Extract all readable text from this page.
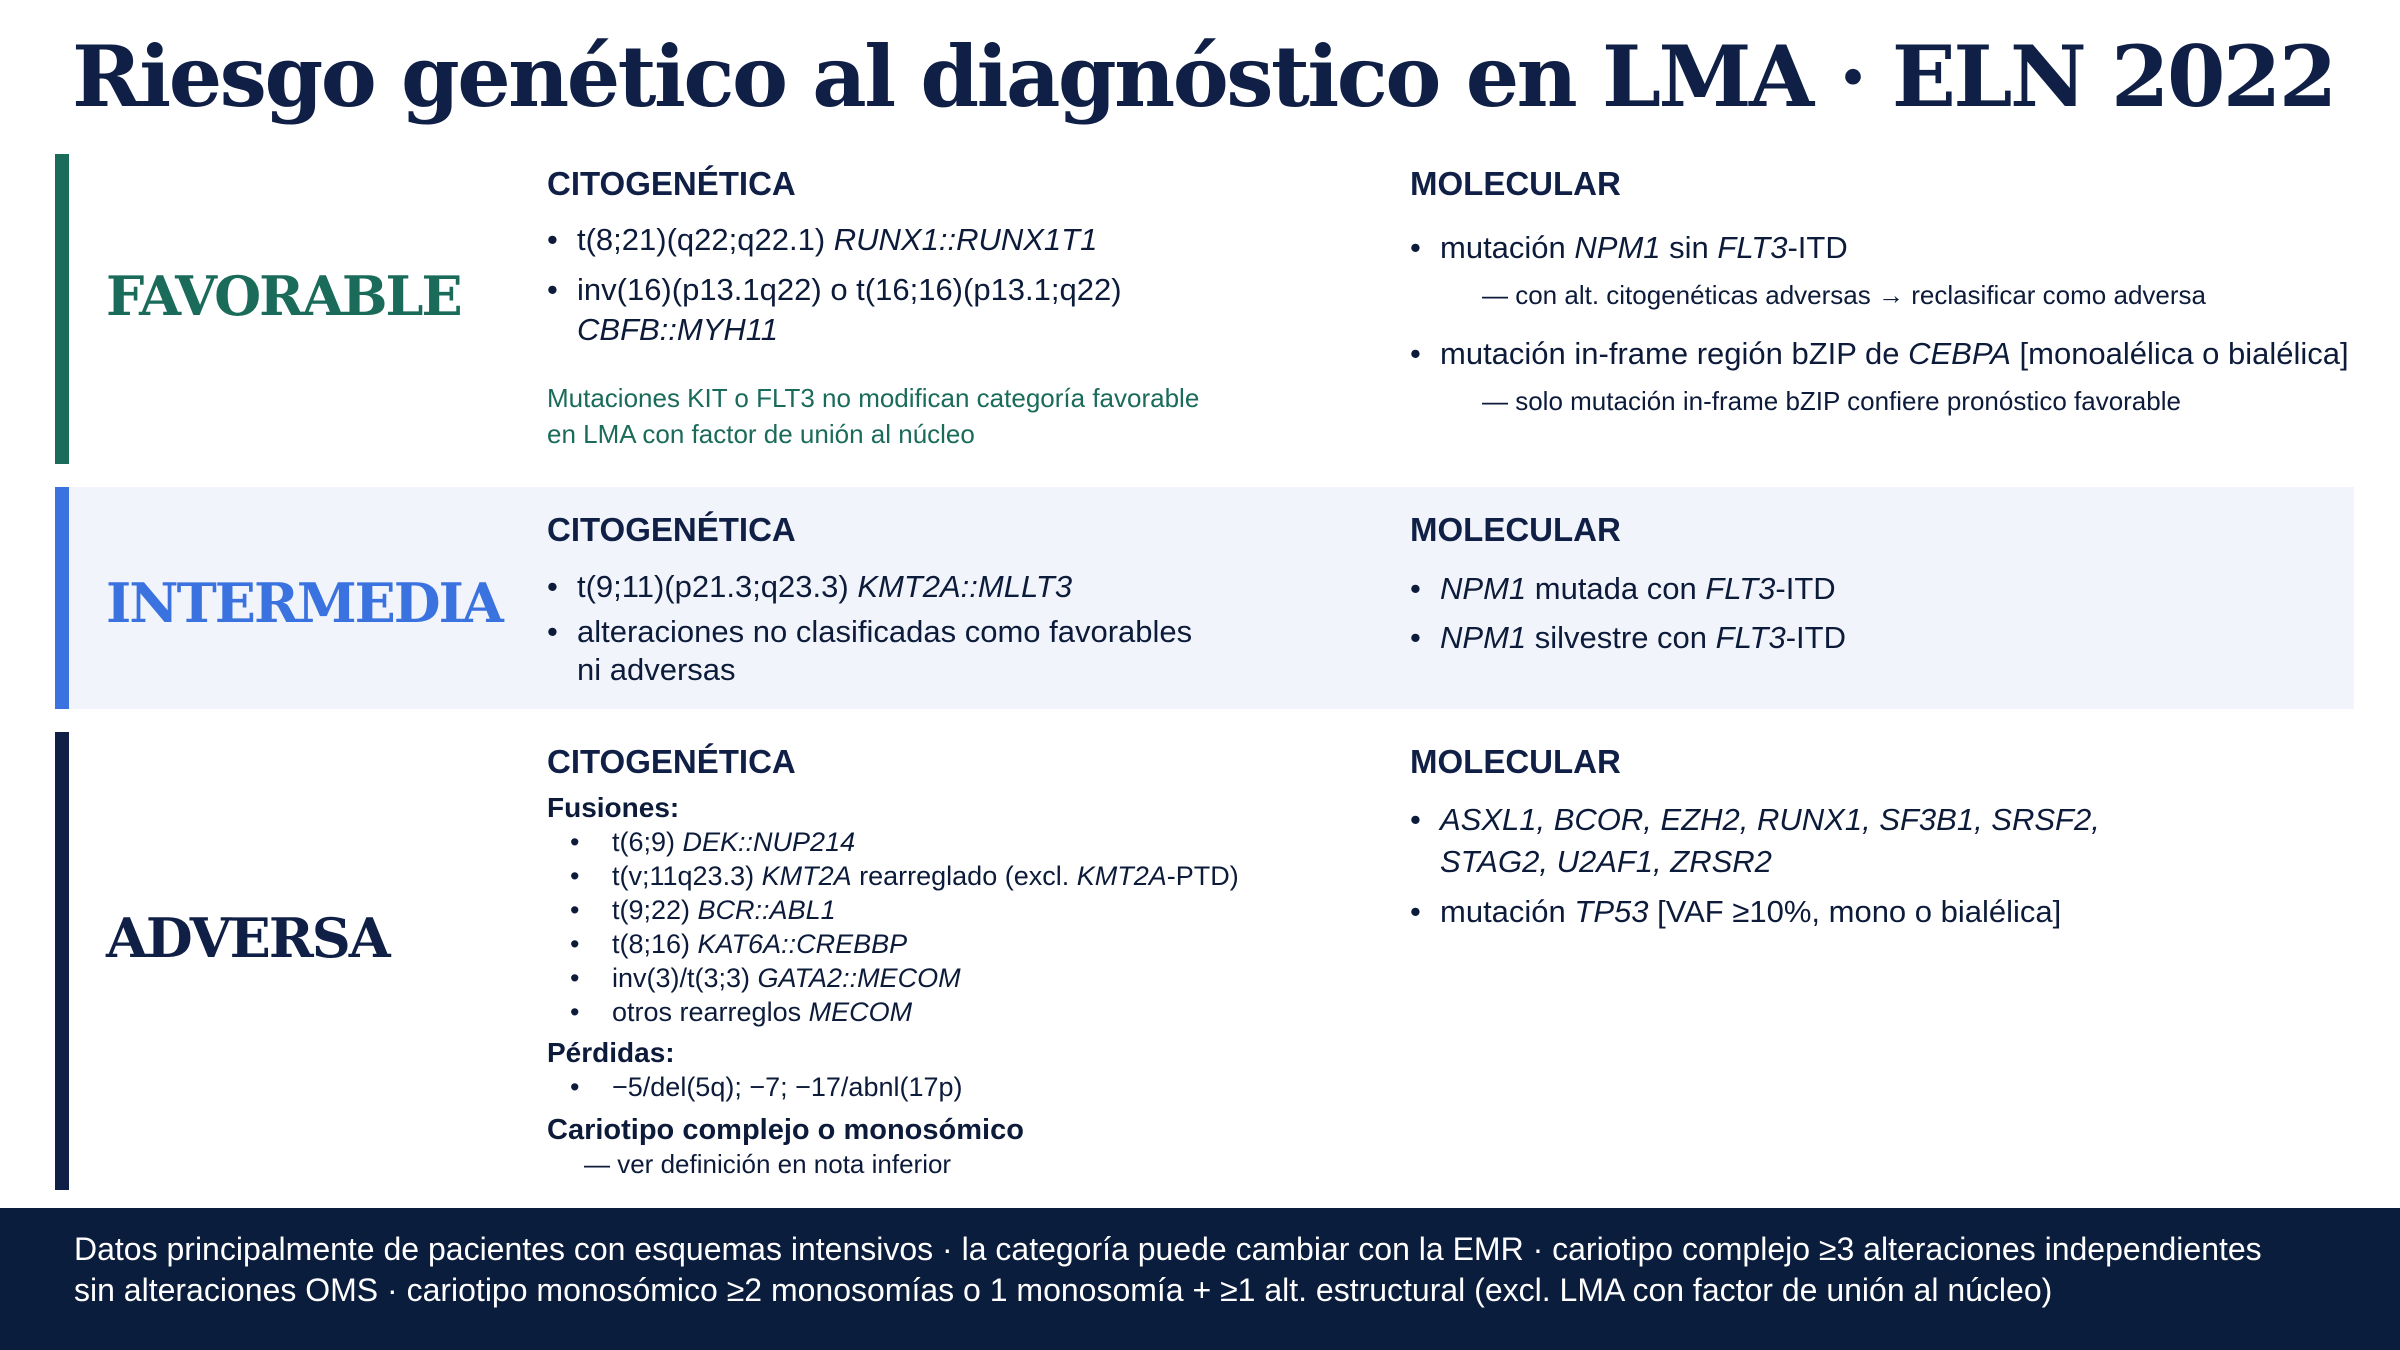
Riesgo genético al diagnóstico en LMA · ELN 2022
FAVORABLE
CITOGENÉTICA
• t(8;21)(q22;q22.1) RUNX1::RUNX1T1
• inv(16)(p13.1q22) o t(16;16)(p13.1;q22)
CBFB::MYH11
Mutaciones KIT o FLT3 no modifican categoría favorable
en LMA con factor de unión al núcleo
MOLECULAR
• mutación NPM1 sin FLT3-ITD
— con alt. citogenéticas adversas → reclasificar como adversa
• mutación in-frame región bZIP de CEBPA [monoalélica o bialélica]
— solo mutación in-frame bZIP confiere pronóstico favorable
INTERMEDIA
CITOGENÉTICA
• t(9;11)(p21.3;q23.3) KMT2A::MLLT3
• alteraciones no clasificadas como favorables
ni adversas
MOLECULAR
• NPM1 mutada con FLT3-ITD
• NPM1 silvestre con FLT3-ITD
ADVERSA
CITOGENÉTICA
Fusiones:
•	t(6;9) DEK::NUP214
•	t(v;11q23.3) KMT2A rearreglado (excl. KMT2A-PTD)
•	t(9;22) BCR::ABL1
•	t(8;16) KAT6A::CREBBP
•	inv(3)/t(3;3) GATA2::MECOM
•	otros rearreglos MECOM
Pérdidas:
•	−5/del(5q); −7; −17/abnl(17p)
Cariotipo complejo o monosómico
— ver definición en nota inferior
MOLECULAR
• ASXL1, BCOR, EZH2, RUNX1, SF3B1, SRSF2,
STAG2, U2AF1, ZRSR2
• mutación TP53 [VAF ≥10%, mono o bialélica]
Datos principalmente de pacientes con esquemas intensivos · la categoría puede cambiar con la EMR · cariotipo complejo ≥3 alteraciones independientes
sin alteraciones OMS · cariotipo monosómico ≥2 monosomías o 1 monosomía + ≥1 alt. estructural (excl. LMA con factor de unión al núcleo)
